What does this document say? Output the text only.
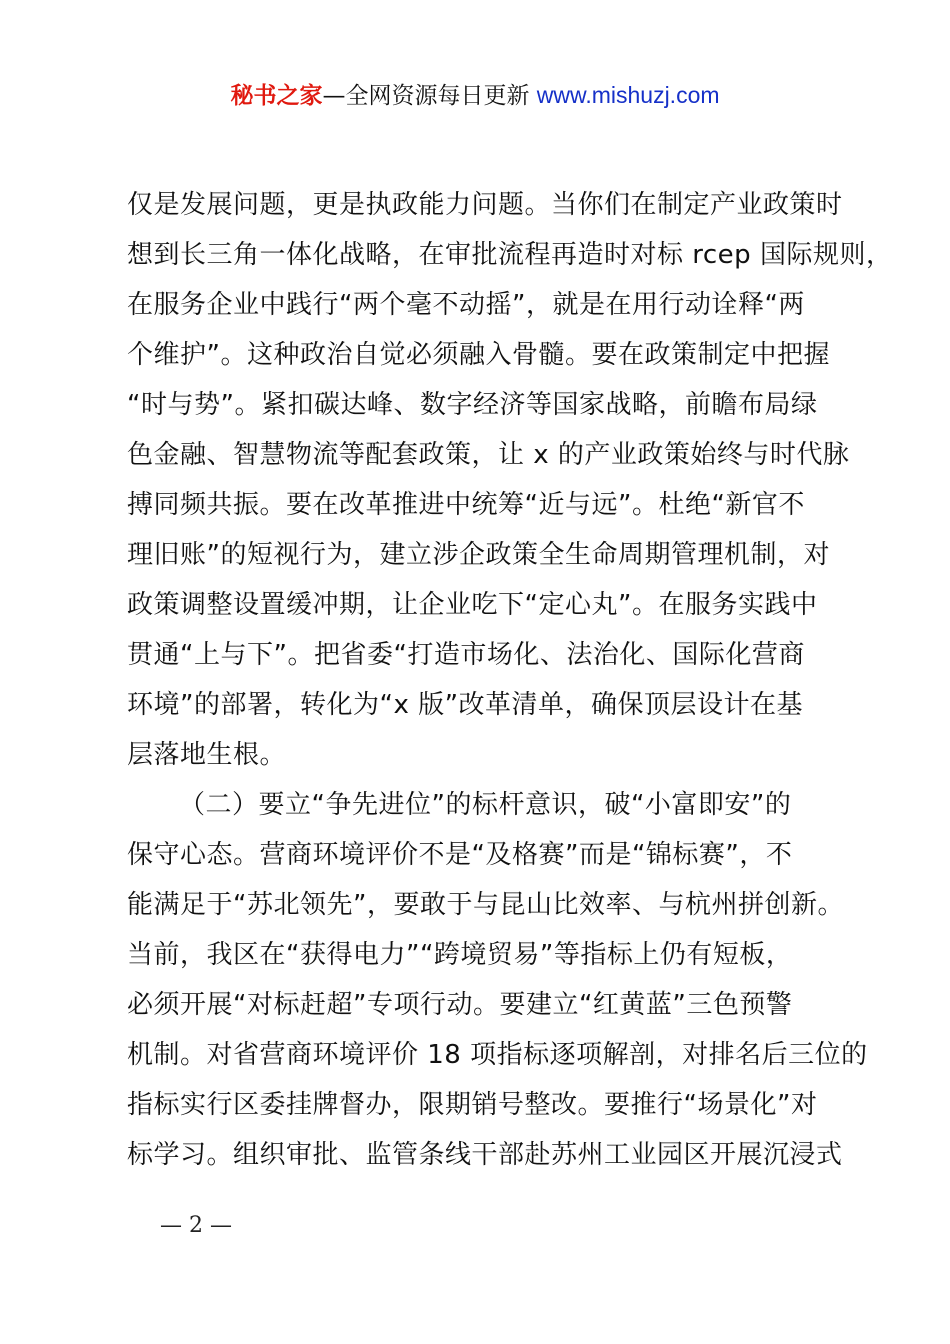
秘书之家—全网资源每日更新 www.mishuzj.com
仅是发展问题，更是执政能力问题。当你们在制定产业政策时
想到长三角一体化战略，在审批流程再造时对标 rcep 国际规则，
在服务企业中践行“两个毫不动摇”，就是在用行动诠释“两
个维护”。这种政治自觉必须融入骨髓。要在政策制定中把握
“时与势”。紧扣碳达峰、数字经济等国家战略，前瞻布局绿
色金融、智慧物流等配套政策，让 x 的产业政策始终与时代脉
搏同频共振。要在改革推进中统筹“近与远”。杜绝“新官不
理旧账”的短视行为，建立涉企政策全生命周期管理机制，对
政策调整设置缓冲期，让企业吃下“定心丸”。在服务实践中
贯通“上与下”。把省委“打造市场化、法治化、国际化营商
环境”的部署，转化为“x 版”改革清单，确保顶层设计在基
层落地生根。
（二）要立“争先进位”的标杆意识，破“小富即安”的
保守心态。营商环境评价不是“及格赛”而是“锦标赛”，不
能满足于“苏北领先”，要敢于与昆山比效率、与杭州拼创新。
当前，我区在“获得电力”“跨境贸易”等指标上仍有短板，
必须开展“对标赶超”专项行动。要建立“红黄蓝”三色预警
机制。对省营商环境评价 18 项指标逐项解剖，对排名后三位的
指标实行区委挂牌督办，限期销号整改。要推行“场景化”对
标学习。组织审批、监管条线干部赴苏州工业园区开展沉浸式
— 2 —
